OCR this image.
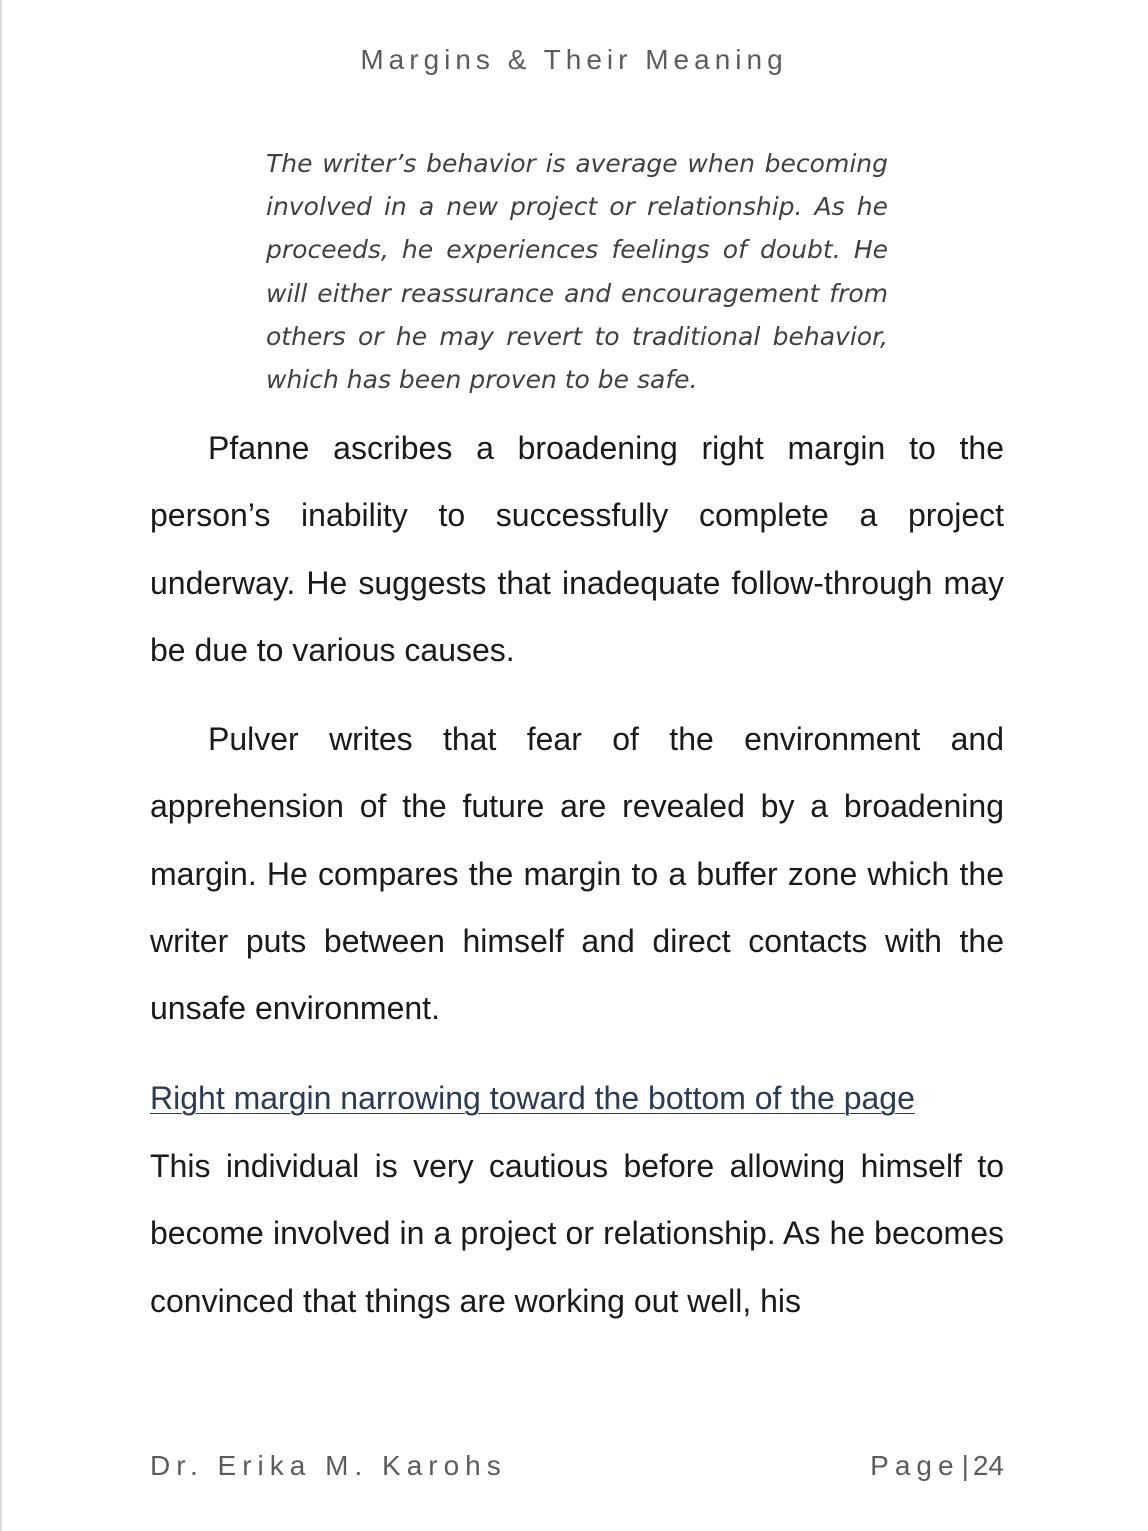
Margins & Their Meaning

The writer’s behavior is average when becoming involved in a new project or relationship. As he proceeds, he experiences feelings of doubt. He will either reassurance and encouragement from others or he may revert to traditional behavior, which has been proven to be safe.

Pfanne ascribes a broadening right margin to the person’s inability to successfully complete a project underway. He suggests that inadequate follow-through may be due to various causes.

Pulver writes that fear of the environment and apprehension of the future are revealed by a broadening margin. He compares the margin to a buffer zone which the writer puts between himself and direct contacts with the unsafe environment.

Right margin narrowing toward the bottom of the page

This individual is very cautious before allowing himself to become involved in a project or relationship. As he becomes convinced that things are working out well, his

Dr. Erika M. Karohs	Page| 24
